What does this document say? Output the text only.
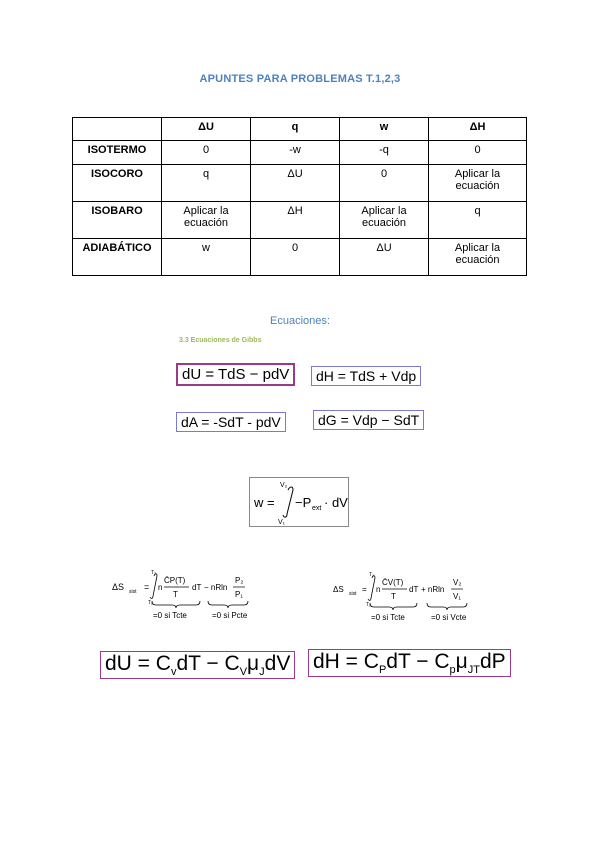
APUNTES PARA PROBLEMAS T.1,2,3
	ΔU	q	w	ΔH
ISOTERMO	0	-w	-q	0
ISOCORO	q	ΔU	0	Aplicar la ecuación
ISOBARO	Aplicar la ecuación	ΔH	Aplicar la ecuación	q
ADIABÁTICO	w	0	ΔU	Aplicar la ecuación
Ecuaciones:
3.3 Ecuaciones de Gibbs
dU = TdS − pdV	dH = TdS + Vdp
dA = -SdT - pdV	dG = Vdp − SdT
w =
V₂
V₁
−P ext · dV
ΔS sist =
T₂
T₁
n
C̄P(T)
T
dT − nRln
P₂
P₁
=0 si Tcte	=0 si Pcte
ΔS sist =
T₂
T₁
n
C̄V(T)
T
dT + nRln
V₂
V₁
=0 si Tcte	=0 si Vcte
dU = $C_vdT - C_V\mu_JdV$ dH = $C_PdT - C_p\mu_{JT}dP$
